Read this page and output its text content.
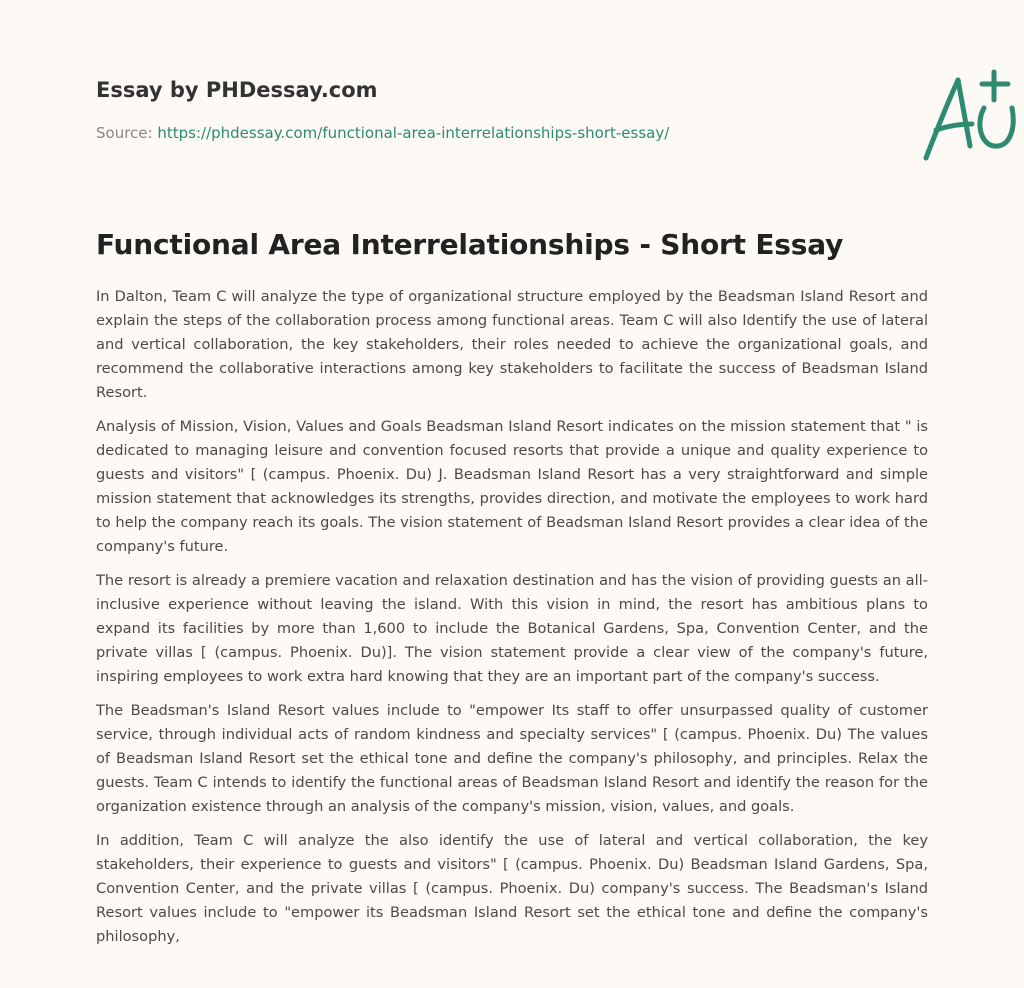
Essay by PHDessay.com
Source: https://phdessay.com/functional-area-interrelationships-short-essay/
Functional Area Interrelationships - Short Essay

In Dalton, Team C will analyze the type of organizational structure employed by the Beadsman Island Resort and explain the steps of the collaboration process among functional areas. Team C will also Identify the use of lateral and vertical collaboration, the key stakeholders, their roles needed to achieve the organizational goals, and recommend the collaborative interactions among key stakeholders to facilitate the success of Beadsman Island Resort.

Analysis of Mission, Vision, Values and Goals Beadsman Island Resort indicates on the mission statement that " is dedicated to managing leisure and convention focused resorts that provide a unique and quality experience to guests and visitors" [ (campus. Phoenix. Du) J. Beadsman Island Resort has a very straightforward and simple mission statement that acknowledges its strengths, provides direction, and motivate the employees to work hard to help the company reach its goals. The vision statement of Beadsman Island Resort provides a clear idea of the company's future.

The resort is already a premiere vacation and relaxation destination and has the vision of providing guests an all-inclusive experience without leaving the island. With this vision in mind, the resort has ambitious plans to expand its facilities by more than 1,600 to include the Botanical Gardens, Spa, Convention Center, and the private villas [ (campus. Phoenix. Du)]. The vision statement provide a clear view of the company's future, inspiring employees to work extra hard knowing that they are an important part of the company's success.

The Beadsman's Island Resort values include to "empower Its staff to offer unsurpassed quality of customer service, through individual acts of random kindness and specialty services" [ (campus. Phoenix. Du) The values of Beadsman Island Resort set the ethical tone and define the company's philosophy, and principles. Relax the guests. Team C intends to identify the functional areas of Beadsman Island Resort and identify the reason for the organization existence through an analysis of the company's mission, vision, values, and goals.

In addition, Team C will analyze the also identify the use of lateral and vertical collaboration, the key stakeholders, their experience to guests and visitors" [ (campus. Phoenix. Du) Beadsman Island Gardens, Spa, Convention Center, and the private villas [ (campus. Phoenix. Du) company's success. The Beadsman's Island Resort values include to "empower its Beadsman Island Resort set the ethical tone and define the company's philosophy,
